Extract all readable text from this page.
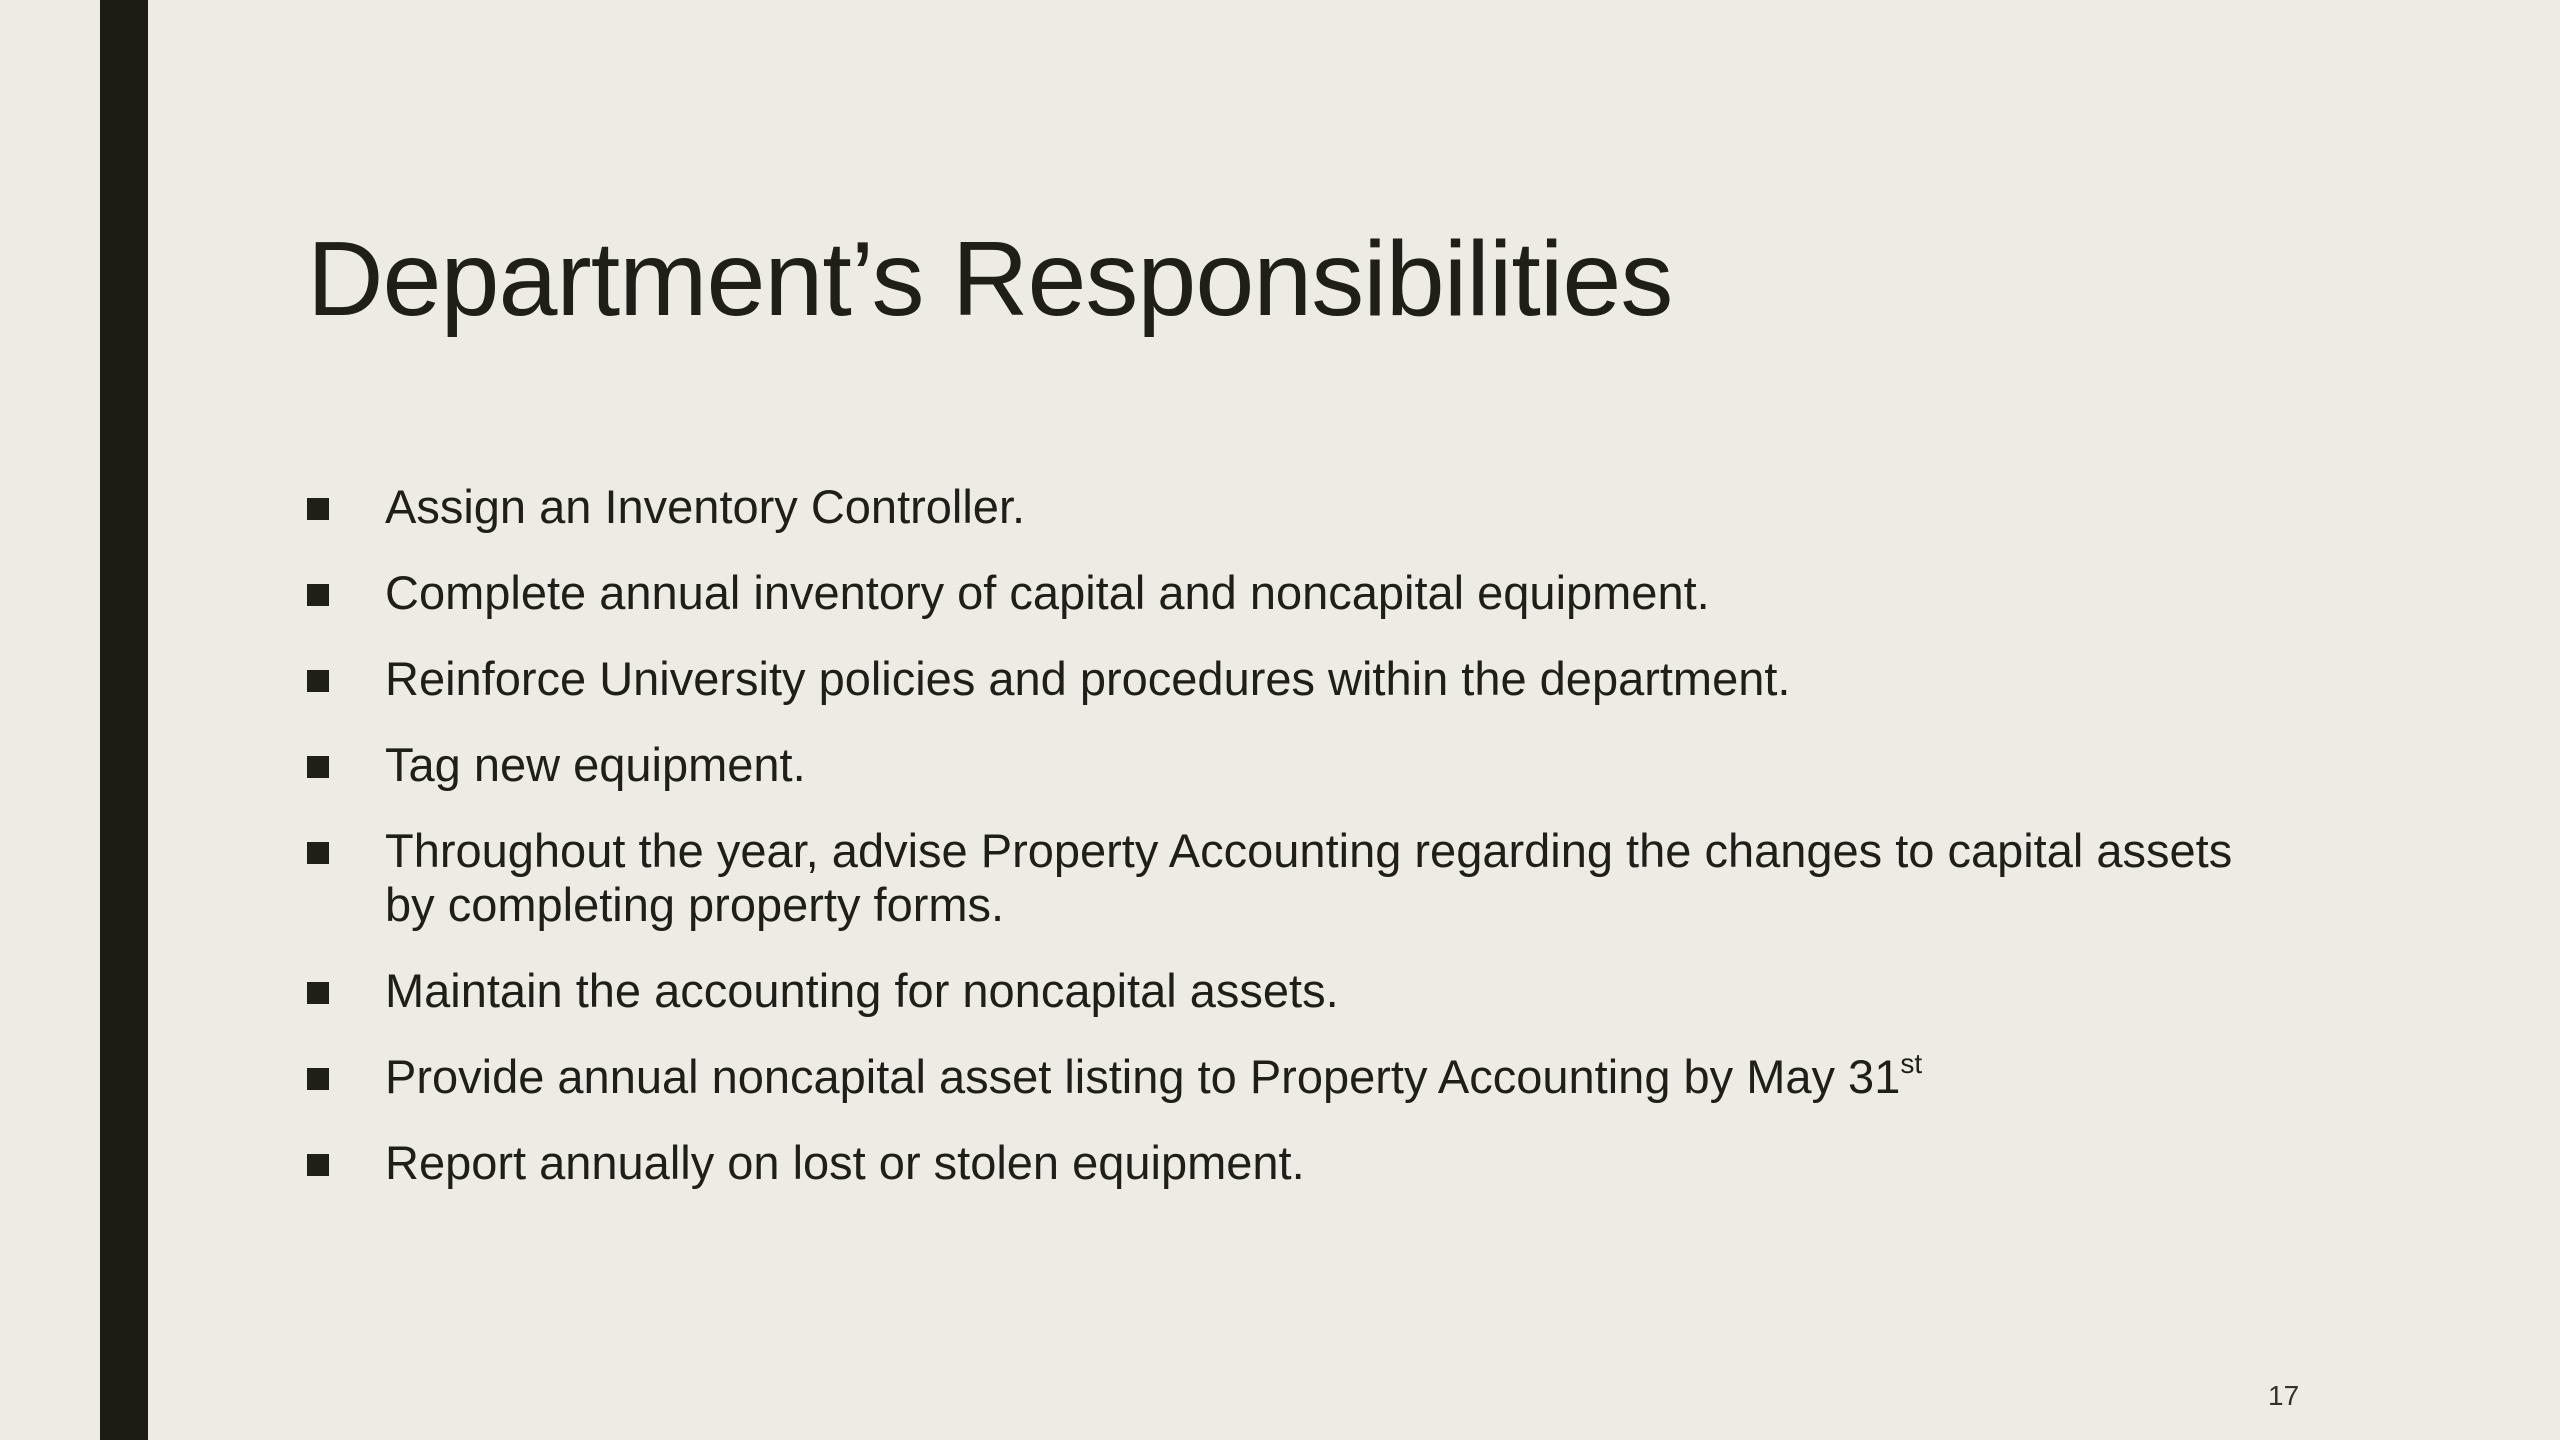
Department’s Responsibilities
Assign an Inventory Controller.
Complete annual inventory of capital and noncapital equipment.
Reinforce University policies and procedures within the department.
Tag new equipment.
Throughout the year, advise Property Accounting regarding the changes to capital assets by completing property forms.
Maintain the accounting for noncapital assets.
Provide annual noncapital asset listing to Property Accounting by May 31st
Report annually on lost or stolen equipment.
17
